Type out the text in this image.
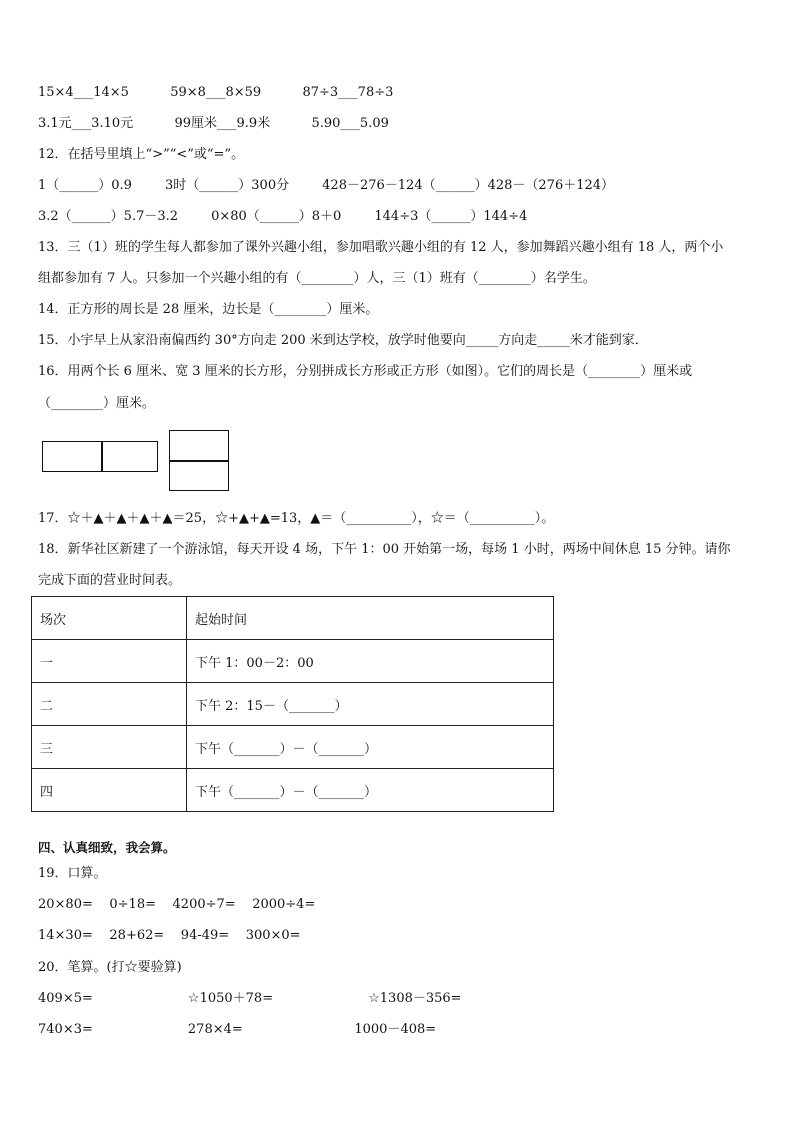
15×4___14×5          59×8___8×59          87÷3___78÷3
3.1元___3.10元          99厘米___9.9米          5.90___5.09
12．在括号里填上“>”“<”或“=”。
1（______）0.9        3时（______）300分        428－276－124（______）428－（276＋124）
3.2（______）5.7－3.2        0×80（______）8＋0        144÷3（______）144÷4
13．三（1）班的学生每人都参加了课外兴趣小组，参加唱歌兴趣小组的有 12 人，参加舞蹈兴趣小组有 18 人，两个小
组都参加有 7 人。只参加一个兴趣小组的有（________）人，三（1）班有（________）名学生。
14．正方形的周长是 28 厘米，边长是（________）厘米。
15．小宇早上从家沿南偏西约 30°方向走 200 米到达学校，放学时他要向_____方向走_____米才能到家．
16．用两个长 6 厘米、宽 3 厘米的长方形，分别拼成长方形或正方形（如图）。它们的周长是（________）厘米或
（________）厘米。
17．☆＋▲＋▲＋▲＋▲＝25，☆+▲+▲=13，▲＝（__________），☆＝（__________）。
18．新华社区新建了一个游泳馆，每天开设 4 场，下午 1：00 开始第一场，每场 1 小时，两场中间休息 15 分钟。请你
完成下面的营业时间表。
场次	起始时间
一	下午 1：00－2：00
二	下午 2：15－（_______）
三	下午（_______）－（_______）
四	下午（_______）－（_______）
四、认真细致，我会算。
19．口算。
20×80=    0÷18=    4200÷7=    2000÷4=
14×30=    28+62=    94-49=    300×0=
20．笔算。(打☆要验算)
409×5=                       ☆1050＋78=                       ☆1308－356=
740×3=                       278×4=                           1000－408=
